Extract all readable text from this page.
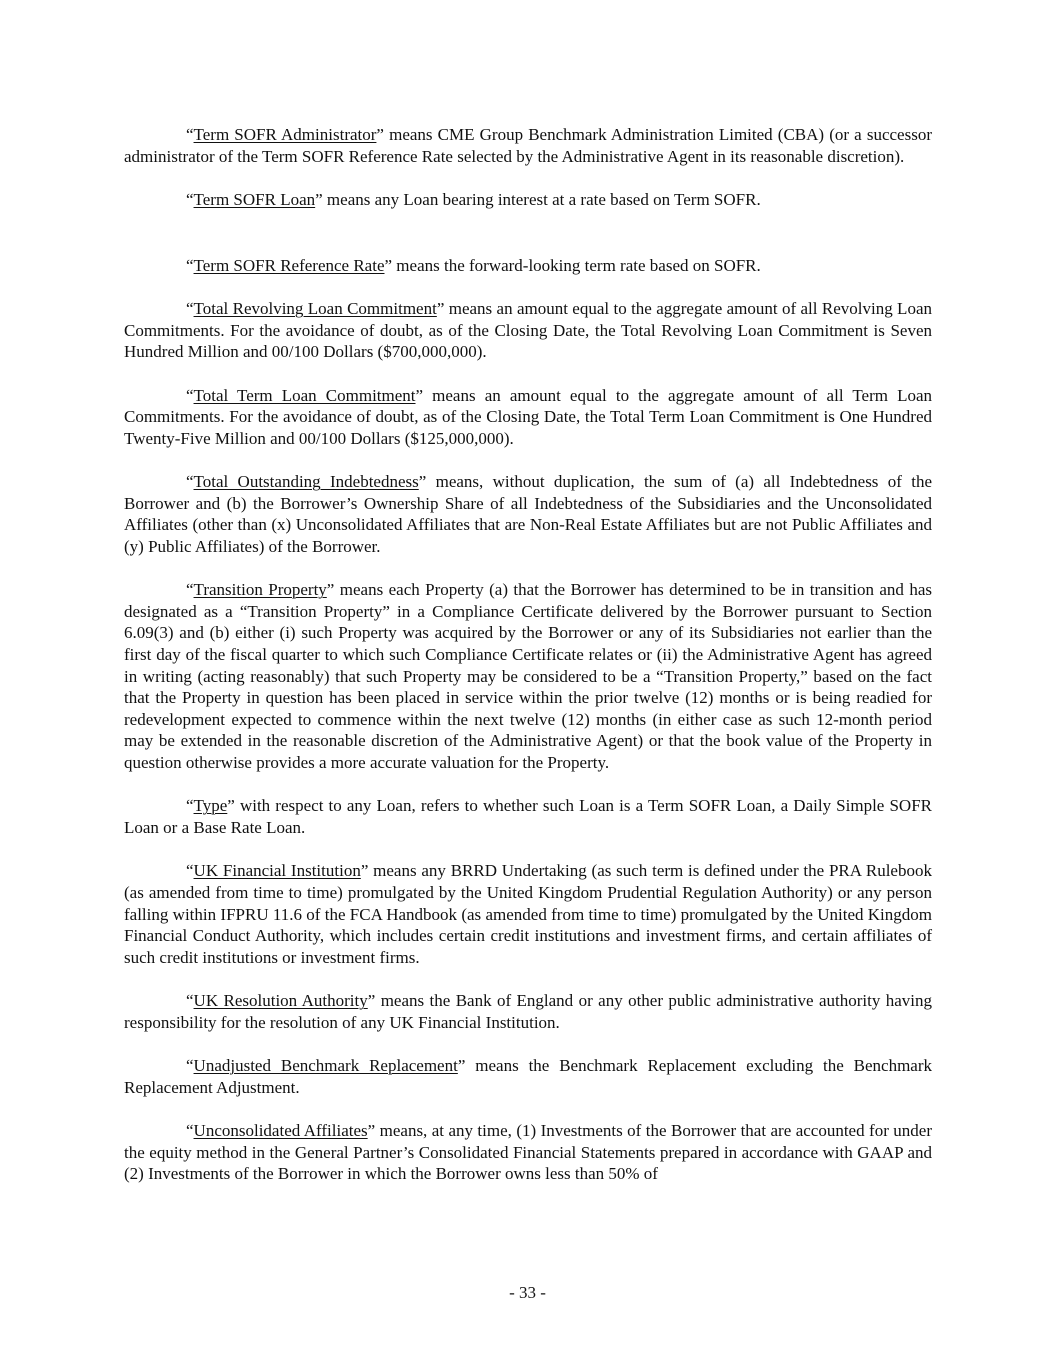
“Term SOFR Administrator” means CME Group Benchmark Administration Limited (CBA) (or a successor administrator of the Term SOFR Reference Rate selected by the Administrative Agent in its reasonable discretion).

“Term SOFR Loan” means any Loan bearing interest at a rate based on Term SOFR.

“Term SOFR Reference Rate” means the forward-looking term rate based on SOFR.

“Total Revolving Loan Commitment” means an amount equal to the aggregate amount of all Revolving Loan Commitments. For the avoidance of doubt, as of the Closing Date, the Total Revolving Loan Commitment is Seven Hundred Million and 00/100 Dollars ($700,000,000).

“Total Term Loan Commitment” means an amount equal to the aggregate amount of all Term Loan Commitments. For the avoidance of doubt, as of the Closing Date, the Total Term Loan Commitment is One Hundred Twenty-Five Million and 00/100 Dollars ($125,000,000).

“Total Outstanding Indebtedness” means, without duplication, the sum of (a) all Indebtedness of the Borrower and (b) the Borrower’s Ownership Share of all Indebtedness of the Subsidiaries and the Unconsolidated Affiliates (other than (x) Unconsolidated Affiliates that are Non-Real Estate Affiliates but are not Public Affiliates and (y) Public Affiliates) of the Borrower.

“Transition Property” means each Property (a) that the Borrower has determined to be in transition and has designated as a “Transition Property” in a Compliance Certificate delivered by the Borrower pursuant to Section 6.09(3) and (b) either (i) such Property was acquired by the Borrower or any of its Subsidiaries not earlier than the first day of the fiscal quarter to which such Compliance Certificate relates or (ii) the Administrative Agent has agreed in writing (acting reasonably) that such Property may be considered to be a “Transition Property,” based on the fact that the Property in question has been placed in service within the prior twelve (12) months or is being readied for redevelopment expected to commence within the next twelve (12) months (in either case as such 12-month period may be extended in the reasonable discretion of the Administrative Agent) or that the book value of the Property in question otherwise provides a more accurate valuation for the Property.

“Type” with respect to any Loan, refers to whether such Loan is a Term SOFR Loan, a Daily Simple SOFR Loan or a Base Rate Loan.

“UK Financial Institution” means any BRRD Undertaking (as such term is defined under the PRA Rulebook (as amended from time to time) promulgated by the United Kingdom Prudential Regulation Authority) or any person falling within IFPRU 11.6 of the FCA Handbook (as amended from time to time) promulgated by the United Kingdom Financial Conduct Authority, which includes certain credit institutions and investment firms, and certain affiliates of such credit institutions or investment firms.

“UK Resolution Authority” means the Bank of England or any other public administrative authority having responsibility for the resolution of any UK Financial Institution.

“Unadjusted Benchmark Replacement” means the Benchmark Replacement excluding the Benchmark Replacement Adjustment.

“Unconsolidated Affiliates” means, at any time, (1) Investments of the Borrower that are accounted for under the equity method in the General Partner’s Consolidated Financial Statements prepared in accordance with GAAP and (2) Investments of the Borrower in which the Borrower owns less than 50% of

- 33 -
